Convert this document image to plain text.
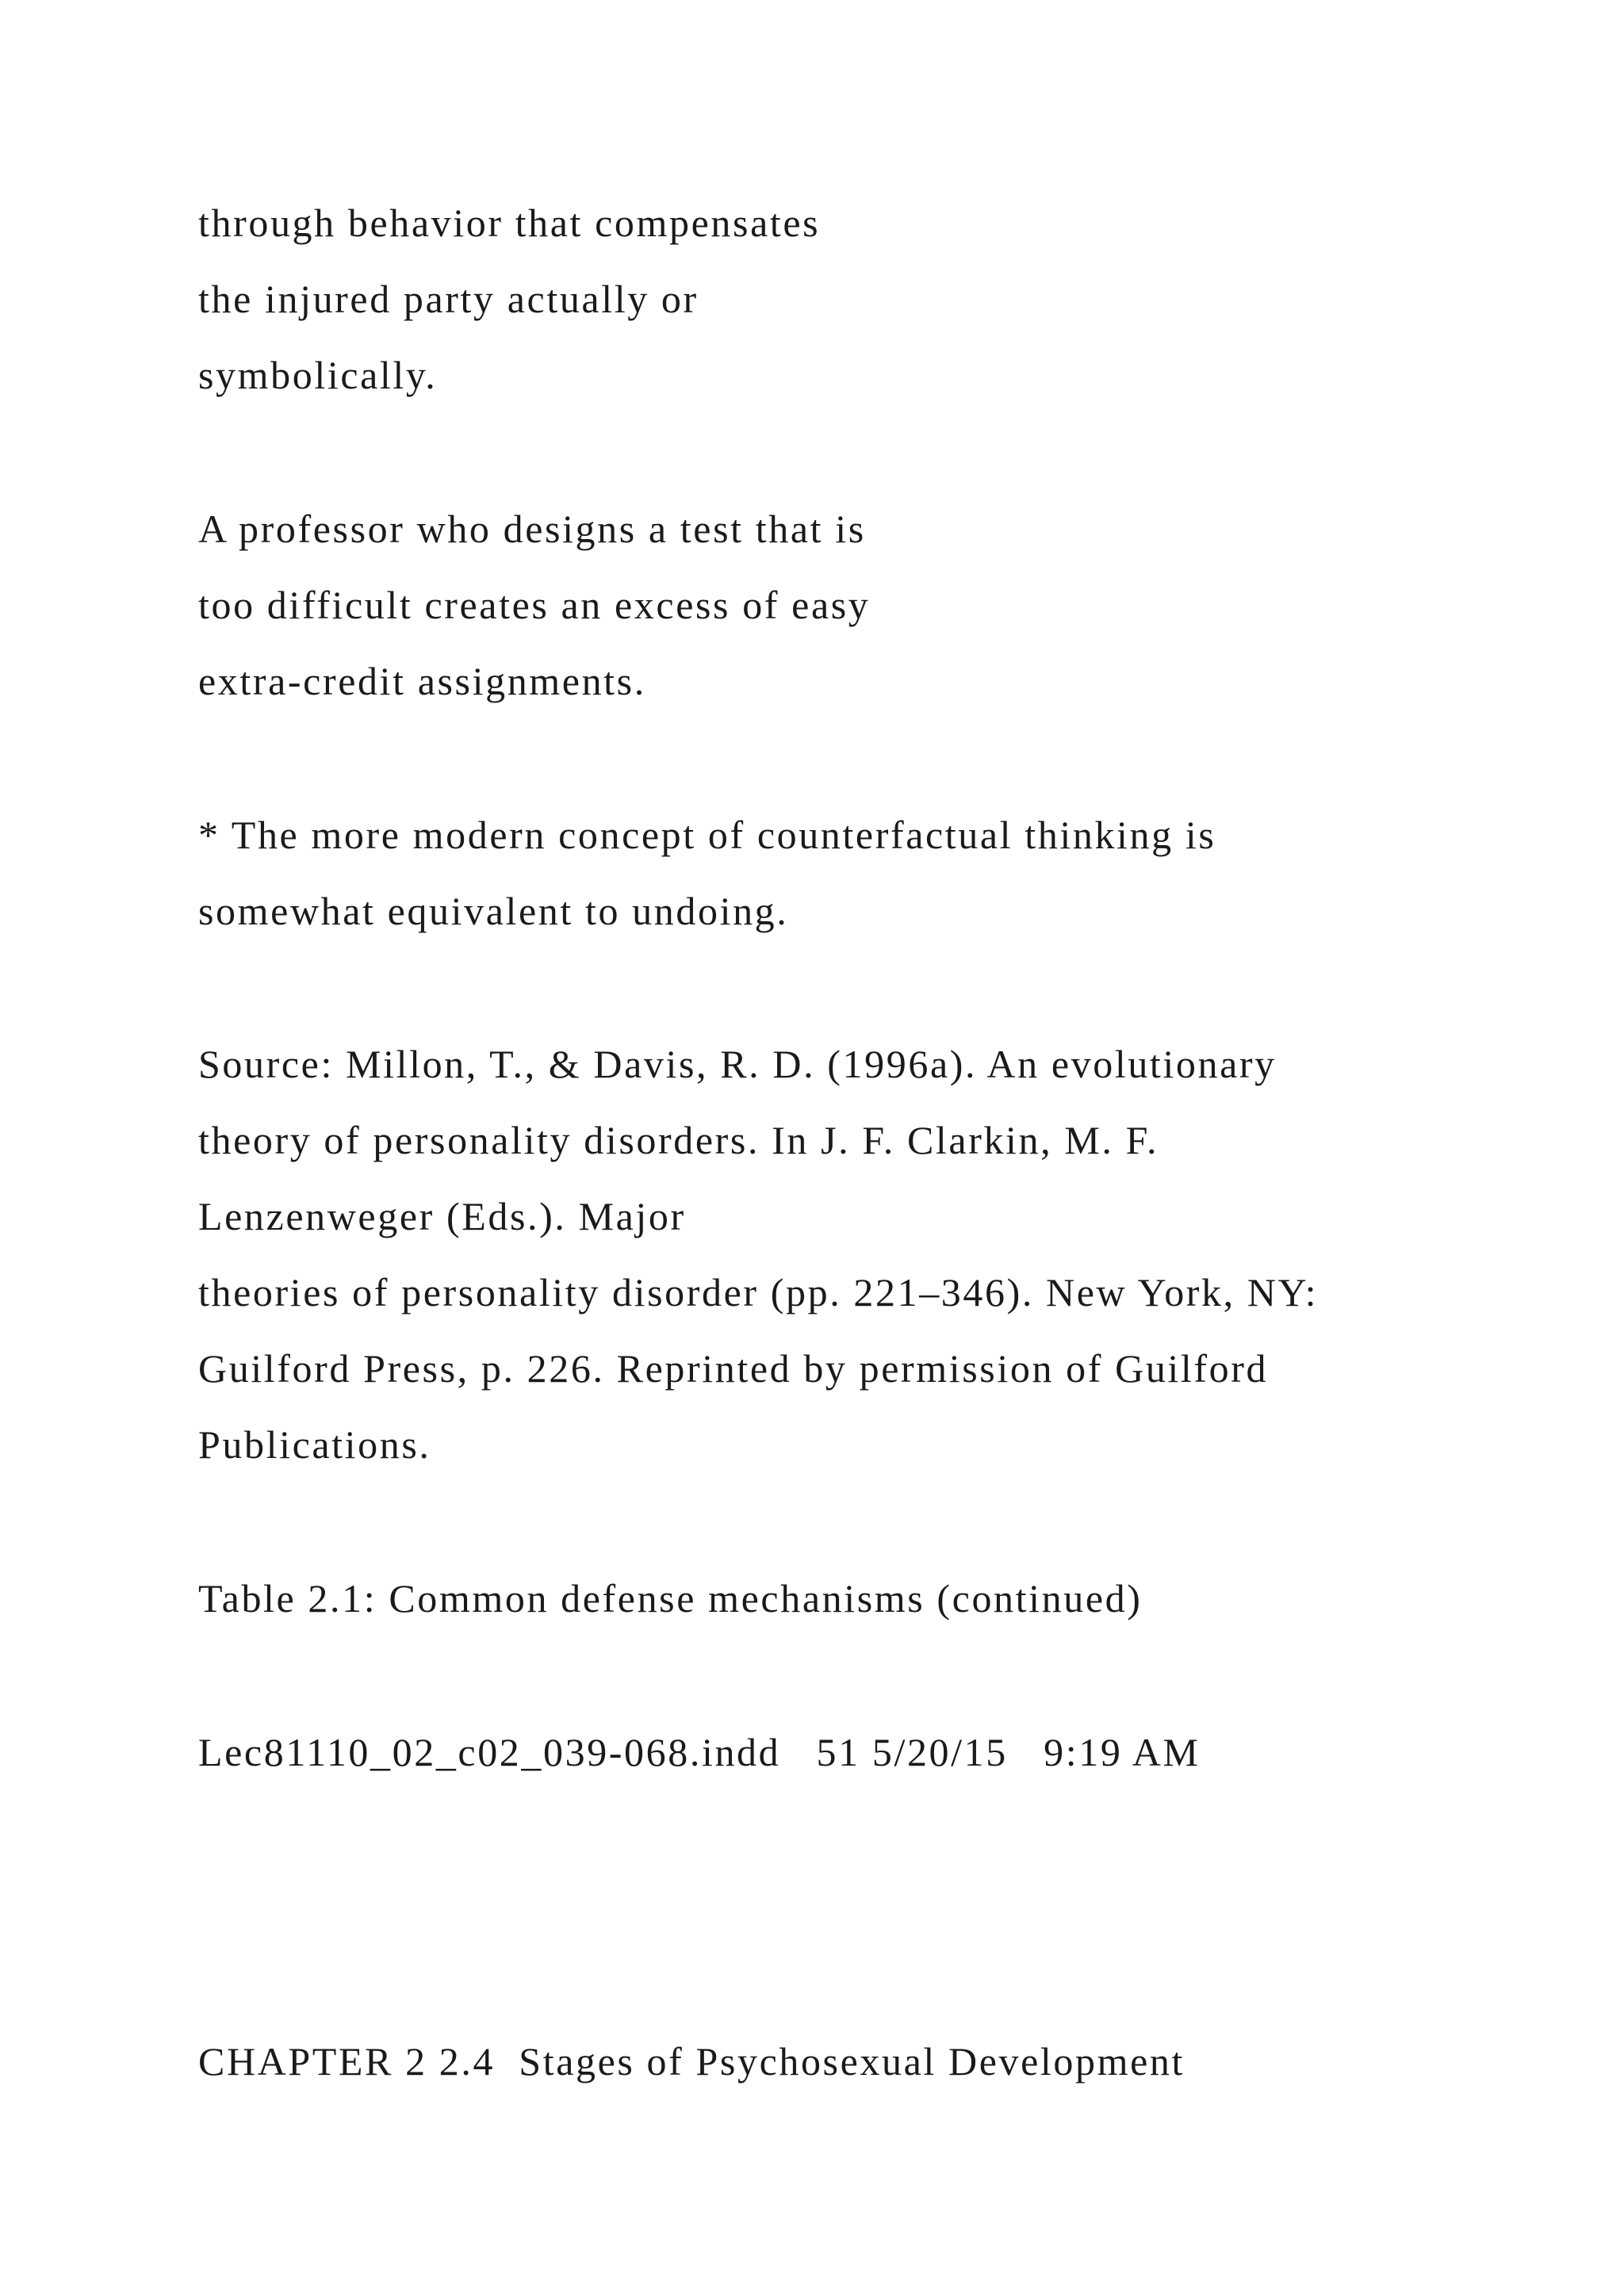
through behavior that compensates

the injured party actually or

symbolically.

A professor who designs a test that is

too difficult creates an excess of easy

extra-credit assignments.

* The more modern concept of counterfactual thinking is

somewhat equivalent to undoing.

Source: Millon, T., & Davis, R. D. (1996a). An evolutionary

theory of personality disorders. In J. F. Clarkin, M. F.

Lenzenweger (Eds.). Major

theories of personality disorder (pp. 221–346). New York, NY:

Guilford Press, p. 226. Reprinted by permission of Guilford

Publications.

Table 2.1: Common defense mechanisms (continued)

Lec81110_02_c02_039-068.indd   51 5/20/15   9:19 AM

CHAPTER 2 2.4  Stages of Psychosexual Development
